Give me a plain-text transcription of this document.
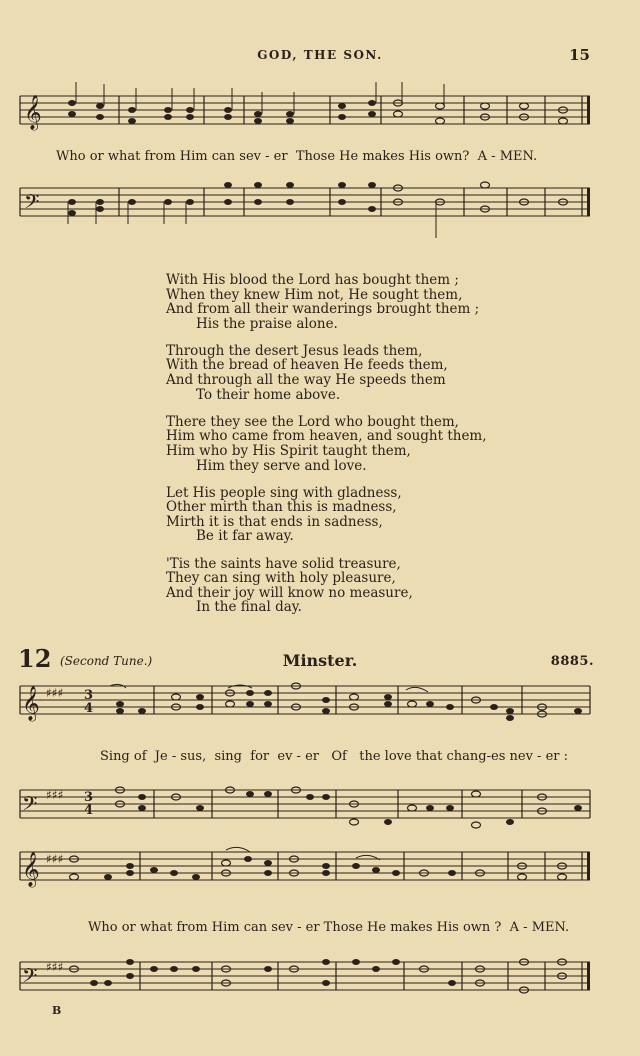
GOD, THE SON.	15
𝄞
Who or what from Him can sev - er  Those He makes His own?  A - MEN.
𝄢
With His blood the Lord has bought them ;
When they knew Him not, He sought them,
And from all their wanderings brought them ;
His the praise alone.
Through the desert Jesus leads them,
With the bread of heaven He feeds them,
And through all the way He speeds them
To their home above.
There they see the Lord who bought them,
Him who came from heaven, and sought them,
Him who by His Spirit taught them,
Him they serve and love.
Let His people sing with gladness,
Other mirth than this is madness,
Mirth it is that ends in sadness,
Be it far away.
'Tis the saints have solid treasure,
They can sing with holy pleasure,
And their joy will know no measure,
In the final day.
12 (Second Tune.)	Minster.	8885.
𝄞 ♯♯♯ 3
4
Sing of  Je - sus,  sing  for  ev - er   Of   the love that chang-es nev - er :
𝄢 ♯♯♯ 3
4
𝄞 ♯♯♯
Who or what from Him can sev - er Those He makes His own ?  A - MEN.
𝄢 ♯♯♯
B
